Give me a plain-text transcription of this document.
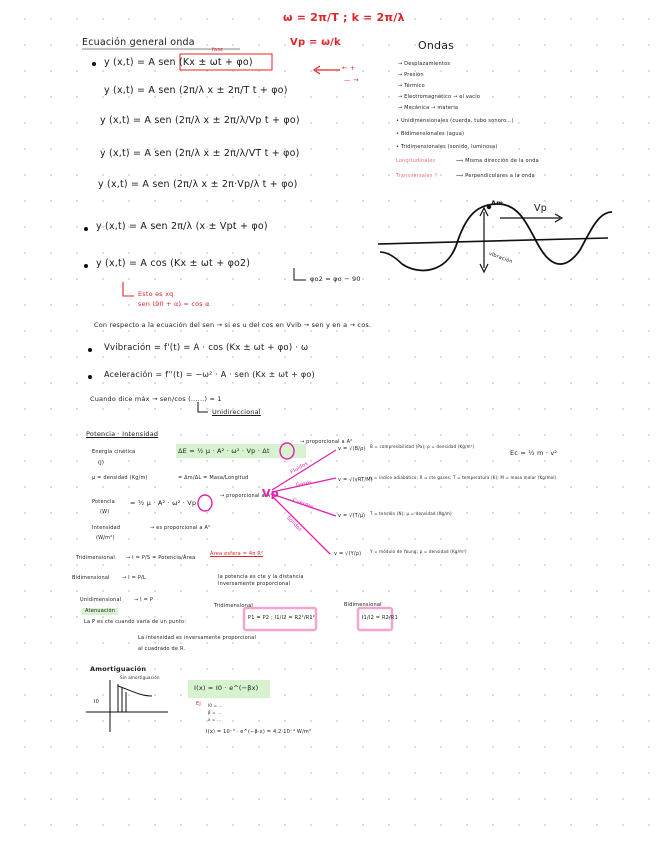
ω = 2π/T ; k = 2π/λ
Vp = ω/k
Ecuación general onda
fase	Ondas
y (x,t) = A sen (Kx ± ωt + φo)
y (x,t) = A sen (2π/λ x ± 2π/T t + φo)
y (x,t) = A sen (2π/λ x ± 2π/λ/Vp t + φo)
y (x,t) = A sen (2π/λ x ± 2π/λ/VT t + φo)
y (x,t) = A sen (2π/λ x ± 2π·Vp/λ t + φo)
y (x,t) = A sen 2π/λ (x ± Vpt + φo)
y (x,t) = A cos (Kx ± ωt + φo2)
← +
— →
φo2 = φo − 90
Esto es xq
sen (90 + α) = cos α
→ Desplazamientos
→ Presión
→ Térmico
→ Electromagnético → el vacío
→ Mecánica → materia
• Unidimensionales (cuerda, tubo sonoro...)
• Bidimensionales (agua)
• Tridimensionales (sonido, luminosa)
Longitudinales	⟹ Misma dirección de la onda
Transversales ?	⟹ Perpendiculares a la onda
Am	Vp
vibración
Con respecto a la ecuación del sen → si es u del cos en Vvib → sen y en a → cos.
Vvibración = f'(t) = A · cos (Kx ± ωt + φo) · ω
Aceleración = f''(t) = −ω² · A · sen (Kx ± ωt + φo)
Cuando dice máx → sen/cos (......) = 1
Unidireccional
Potencia · Intensidad
Energía cinética
(J)
ΔE = ½ μ · A² · ω² · Vp · Δt
→ proporcional a A²
μ = densidad (Kg/m)	= Δm/ΔL = Masa/Longitud
Potencia
(W)
= ½ μ · A² · ω² · Vp
→ proporcional a A²
Intensidad
(W/m²)
→ es proporcional a A²
Vp
Fluidos
Gases
Cuerdas
Sólidos
v = √(B/ρ)
v = √(γRT/M)
v = √(T/μ)
v = √(Y/ρ)
B = compresibilidad (Pa); ρ = densidad (Kg/m³)
γ = índice adiabático; R = cte gases; T = temperatura (K); M = masa molar (Kg/mol)
T = tensión (N); μ = densidad (Kg/m)
Y = módulo de Young; ρ = densidad (Kg/m³)
Ec = ½ m · v²
Tridimensional → I = P/S = Potencia/Área
Área esfera = 4π R²
Bidimensional → I = P/L	la potencia es cte y la distancia inversamente proporcional
Unidimensional	→ I = P
Atenuación
La P es cte cuando varía de un punto:
Tridimensional
P1 = P2 ; I1/I2 = R2²/R1²
Bidimensional
I1/I2 = R2/R1
La intensidad es inversamente proporcional
al cuadrado de R.
Amortiguación
Sin amortiguación
I0
I(x) = I0 · e^(−βx)
Ej I0 = ...
β = ...
x = ...
I(x) = 10⁻³ · e^(−β·x) = 4.2·10⁻⁴ W/m²
